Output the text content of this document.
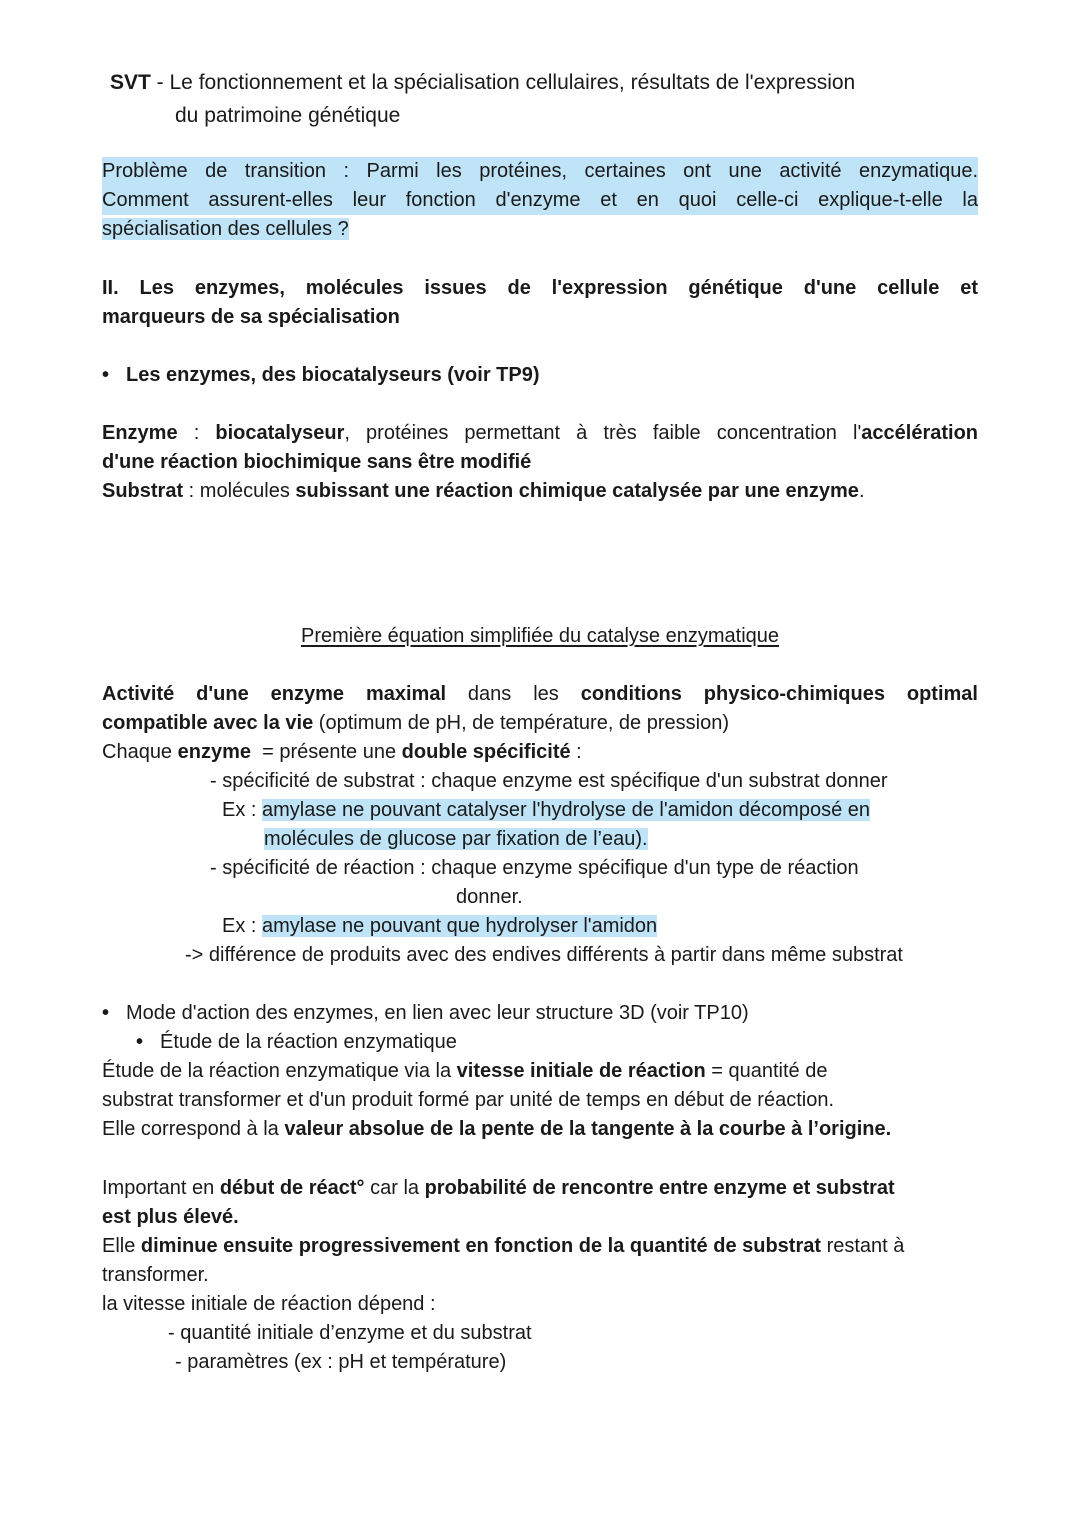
SVT - Le fonctionnement et la spécialisation cellulaires, résultats de l'expression
du patrimoine génétique
Problème de transition : Parmi les protéines, certaines ont une activité enzymatique.
Comment assurent-elles leur fonction d'enzyme et en quoi celle-ci explique-t-elle la
spécialisation des cellules ?
II. Les enzymes, molécules issues de l'expression génétique d'une cellule et
marqueurs de sa spécialisation
• Les enzymes, des biocatalyseurs (voir TP9)
Enzyme : biocatalyseur, protéines permettant à très faible concentration l'accélération
d'une réaction biochimique sans être modifié
Substrat : molécules subissant une réaction chimique catalysée par une enzyme.
Première équation simplifiée du catalyse enzymatique
Activité d'une enzyme maximal dans les conditions physico-chimiques optimal
compatible avec la vie (optimum de pH, de température, de pression)
Chaque enzyme  = présente une double spécificité :
- spécificité de substrat : chaque enzyme est spécifique d'un substrat donner
Ex : amylase ne pouvant catalyser l'hydrolyse de l'amidon décomposé en
molécules de glucose par fixation de l’eau).
- spécificité de réaction : chaque enzyme spécifique d'un type de réaction
donner.
Ex : amylase ne pouvant que hydrolyser l'amidon
-> différence de produits avec des endives différents à partir dans même substrat
• Mode d'action des enzymes, en lien avec leur structure 3D (voir TP10)
• Étude de la réaction enzymatique
Étude de la réaction enzymatique via la vitesse initiale de réaction = quantité de
substrat transformer et d'un produit formé par unité de temps en début de réaction.
Elle correspond à la valeur absolue de la pente de la tangente à la courbe à l’origine.
Important en début de réact° car la probabilité de rencontre entre enzyme et substrat
est plus élevé.
Elle diminue ensuite progressivement en fonction de la quantité de substrat restant à
transformer.
la vitesse initiale de réaction dépend :
- quantité initiale d’enzyme et du substrat
- paramètres (ex : pH et température)
